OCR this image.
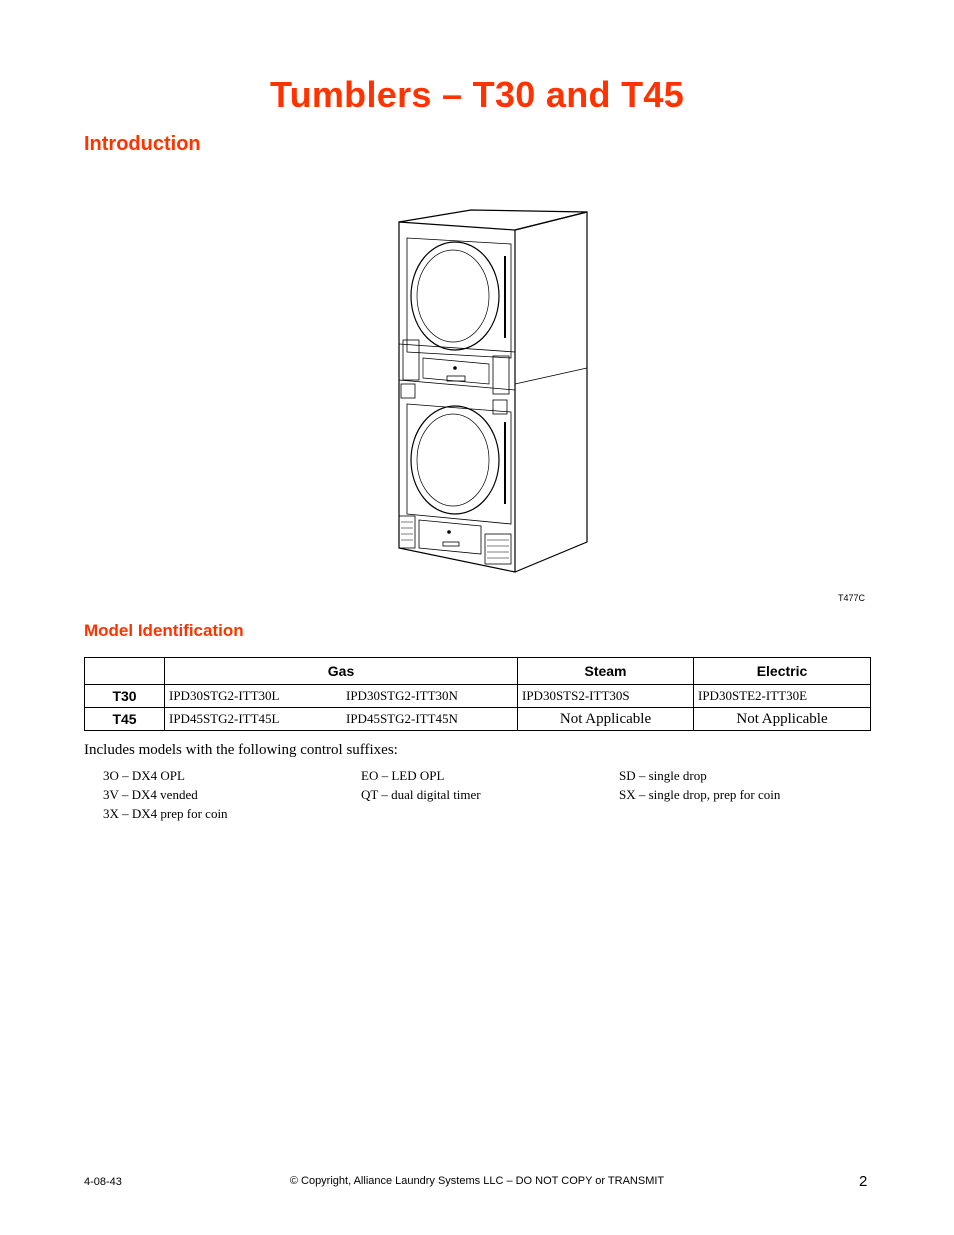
Tumblers – T30 and T45
Introduction
T477C
Model Identification
	Gas	Steam	Electric
T30	IPD30STG2-ITT30L IPD30STG2-ITT30N	IPD30STS2-ITT30S	IPD30STE2-ITT30E
T45	IPD45STG2-ITT45L IPD45STG2-ITT45N	Not Applicable	Not Applicable
Includes models with the following control suffixes:
3O – DX4 OPL
3V – DX4 vended
3X – DX4 prep for coin
EO – LED OPL
QT – dual digital timer
SD – single drop
SX – single drop, prep for coin
4-08-43	© Copyright, Alliance Laundry Systems LLC – DO NOT COPY or TRANSMIT	2
